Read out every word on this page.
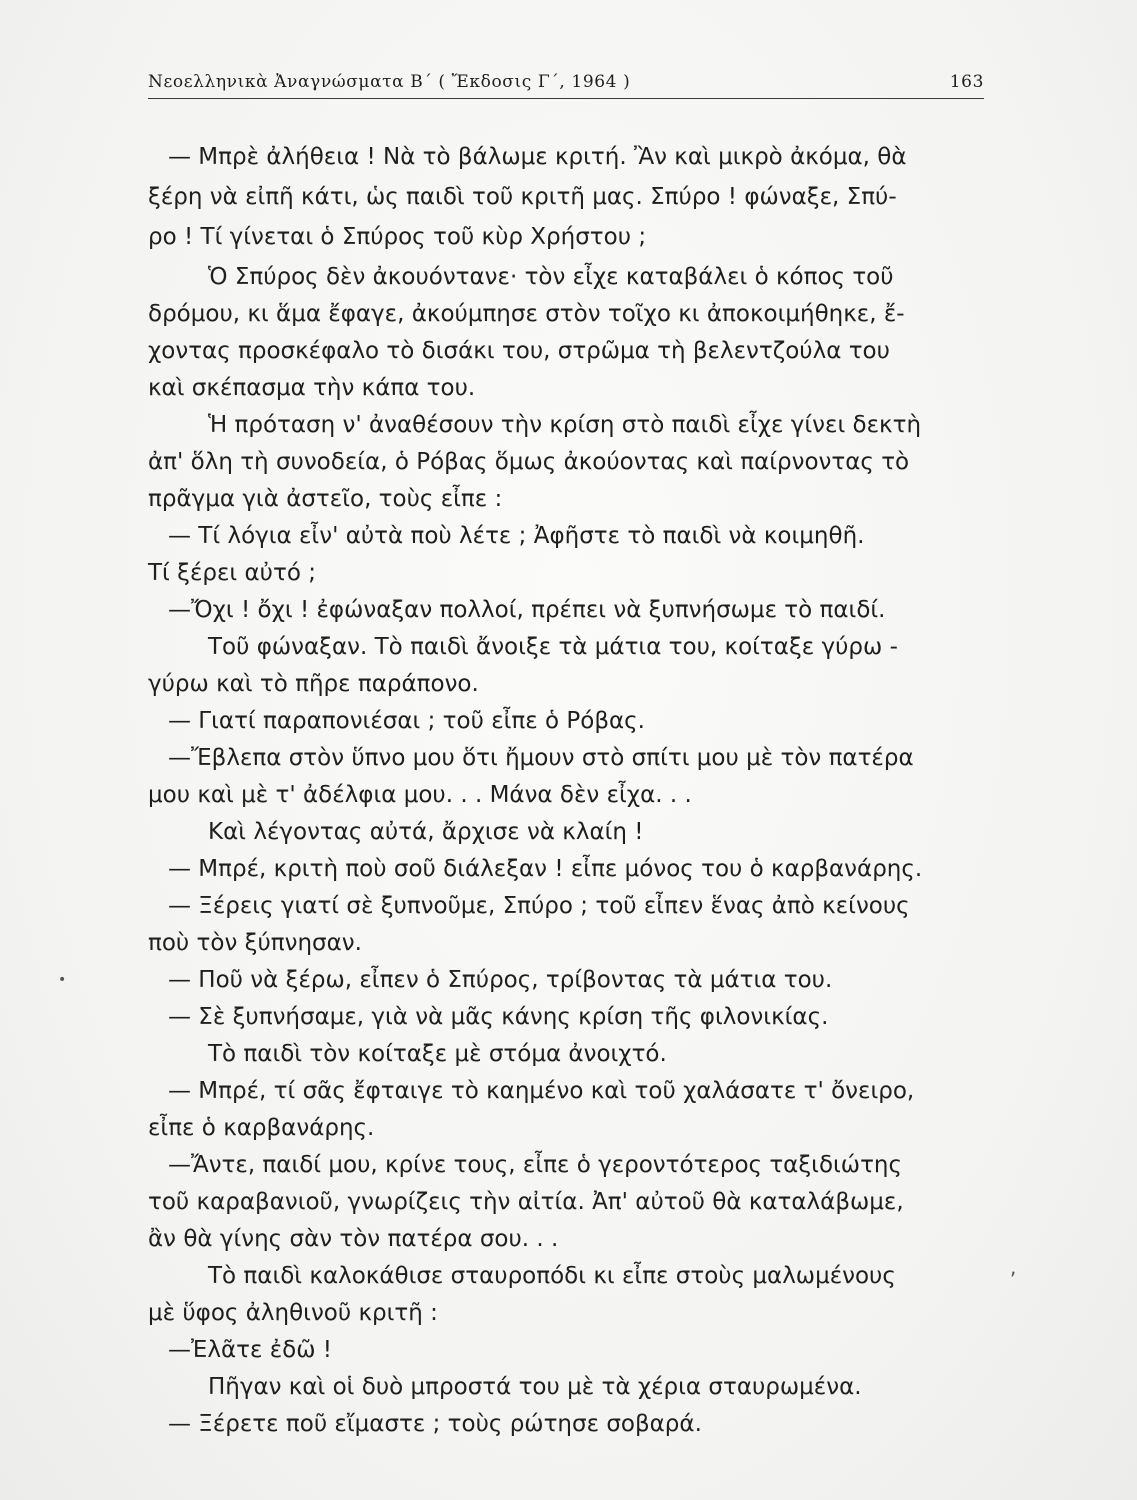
Νεοελληνικὰ Ἀναγνώσματα Β΄ ( Ἔκδοσις Γ΄, 1964 )	163
— Μπρὲ ἀλήθεια ! Νὰ τὸ βάλωμε κριτή. Ἂν καὶ μικρὸ ἀκόμα, θὰ
ξέρη νὰ εἰπῆ κάτι, ὡς παιδὶ τοῦ κριτῆ μας. Σπύρο ! φώναξε, Σπύ-
ρο ! Τί γίνεται ὁ Σπύρος τοῦ κὺρ Χρήστου ;
Ὁ Σπύρος δὲν ἀκουόντανε· τὸν εἶχε καταβάλει ὁ κόπος τοῦ
δρόμου, κι ἅμα ἔφαγε, ἀκούμπησε στὸν τοῖχο κι ἀποκοιμήθηκε, ἔ-
χοντας προσκέφαλο τὸ δισάκι του, στρῶμα τὴ βελεντζούλα του
καὶ σκέπασμα τὴν κάπα του.
Ἡ πρόταση ν' ἀναθέσουν τὴν κρίση στὸ παιδὶ εἶχε γίνει δεκτὴ
ἀπ' ὅλη τὴ συνοδεία, ὁ Ρόβας ὅμως ἀκούοντας καὶ παίρνοντας τὸ
πρᾶγμα γιὰ ἀστεῖο, τοὺς εἶπε :
— Τί λόγια εἶν' αὐτὰ ποὺ λέτε ; Ἀφῆστε τὸ παιδὶ νὰ κοιμηθῆ.
Τί ξέρει αὐτό ;
—Ὄχι ! ὄχι ! ἐφώναξαν πολλοί, πρέπει νὰ ξυπνήσωμε τὸ παιδί.
Τοῦ φώναξαν. Τὸ παιδὶ ἄνοιξε τὰ μάτια του, κοίταξε γύρω -
γύρω καὶ τὸ πῆρε παράπονο.
— Γιατί παραπονιέσαι ; τοῦ εἶπε ὁ Ρόβας.
—Ἔβλεπα στὸν ὕπνο μου ὅτι ἤμουν στὸ σπίτι μου μὲ τὸν πατέρα
μου καὶ μὲ τ' ἀδέλφια μου. . . Μάνα δὲν εἶχα. . .
Καὶ λέγοντας αὐτά, ἄρχισε νὰ κλαίη !
— Μπρέ, κριτὴ ποὺ σοῦ διάλεξαν ! εἶπε μόνος του ὁ καρβανάρης.
— Ξέρεις γιατί σὲ ξυπνοῦμε, Σπύρο ; τοῦ εἶπεν ἕνας ἀπὸ κείνους
ποὺ τὸν ξύπνησαν.
— Ποῦ νὰ ξέρω, εἶπεν ὁ Σπύρος, τρίβοντας τὰ μάτια του.
— Σὲ ξυπνήσαμε, γιὰ νὰ μᾶς κάνης κρίση τῆς φιλονικίας.
Τὸ παιδὶ τὸν κοίταξε μὲ στόμα ἀνοιχτό.
— Μπρέ, τί σᾶς ἔφταιγε τὸ καημένο καὶ τοῦ χαλάσατε τ' ὄνειρο,
εἶπε ὁ καρβανάρης.
—Ἄντε, παιδί μου, κρίνε τους, εἶπε ὁ γεροντότερος ταξιδιώτης
τοῦ καραβανιοῦ, γνωρίζεις τὴν αἰτία. Ἀπ' αὐτοῦ θὰ καταλάβωμε,
ἂν θὰ γίνης σὰν τὸν πατέρα σου. . .
Τὸ παιδὶ καλοκάθισε σταυροπόδι κι εἶπε στοὺς μαλωμένους
μὲ ὕφος ἀληθινοῦ κριτῆ :
—Ἐλᾶτε ἐδῶ !
Πῆγαν καὶ οἱ δυὸ μπροστά του μὲ τὰ χέρια σταυρωμένα.
— Ξέρετε ποῦ εἴμαστε ; τοὺς ρώτησε σοβαρά.
•
,
